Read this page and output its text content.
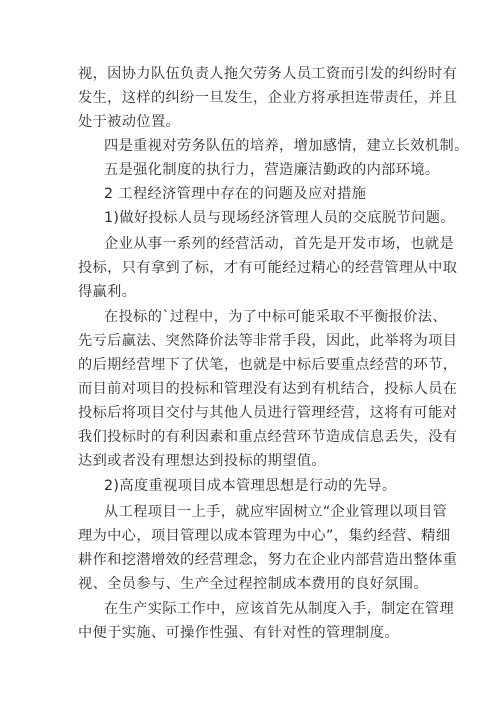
视，因协力队伍负责人拖欠劳务人员工资而引发的纠纷时有
发生，这样的纠纷一旦发生，企业方将承担连带责任，并且
处于被动位置。
四是重视对劳务队伍的培养，增加感情，建立长效机制。
五是强化制度的执行力，营造廉洁勤政的内部环境。
2 工程经济管理中存在的问题及应对措施
1)做好投标人员与现场经济管理人员的交底脱节问题。
企业从事一系列的经营活动，首先是开发市场，也就是
投标，只有拿到了标，才有可能经过精心的经营管理从中取
得赢利。
在投标的`过程中，为了中标可能采取不平衡报价法、
先亏后赢法、突然降价法等非常手段，因此，此举将为项目
的后期经营埋下了伏笔，也就是中标后要重点经营的环节，
而目前对项目的投标和管理没有达到有机结合，投标人员在
投标后将项目交付与其他人员进行管理经营，这将有可能对
我们投标时的有利因素和重点经营环节造成信息丢失，没有
达到或者没有理想达到投标的期望值。
2)高度重视项目成本管理思想是行动的先导。
从工程项目一上手，就应牢固树立“企业管理以项目管
理为中心，项目管理以成本管理为中心”，集约经营、精细
耕作和挖潜增效的经营理念，努力在企业内部营造出整体重
视、全员参与、生产全过程控制成本费用的良好氛围。
在生产实际工作中，应该首先从制度入手，制定在管理
中便于实施、可操作性强、有针对性的管理制度。
